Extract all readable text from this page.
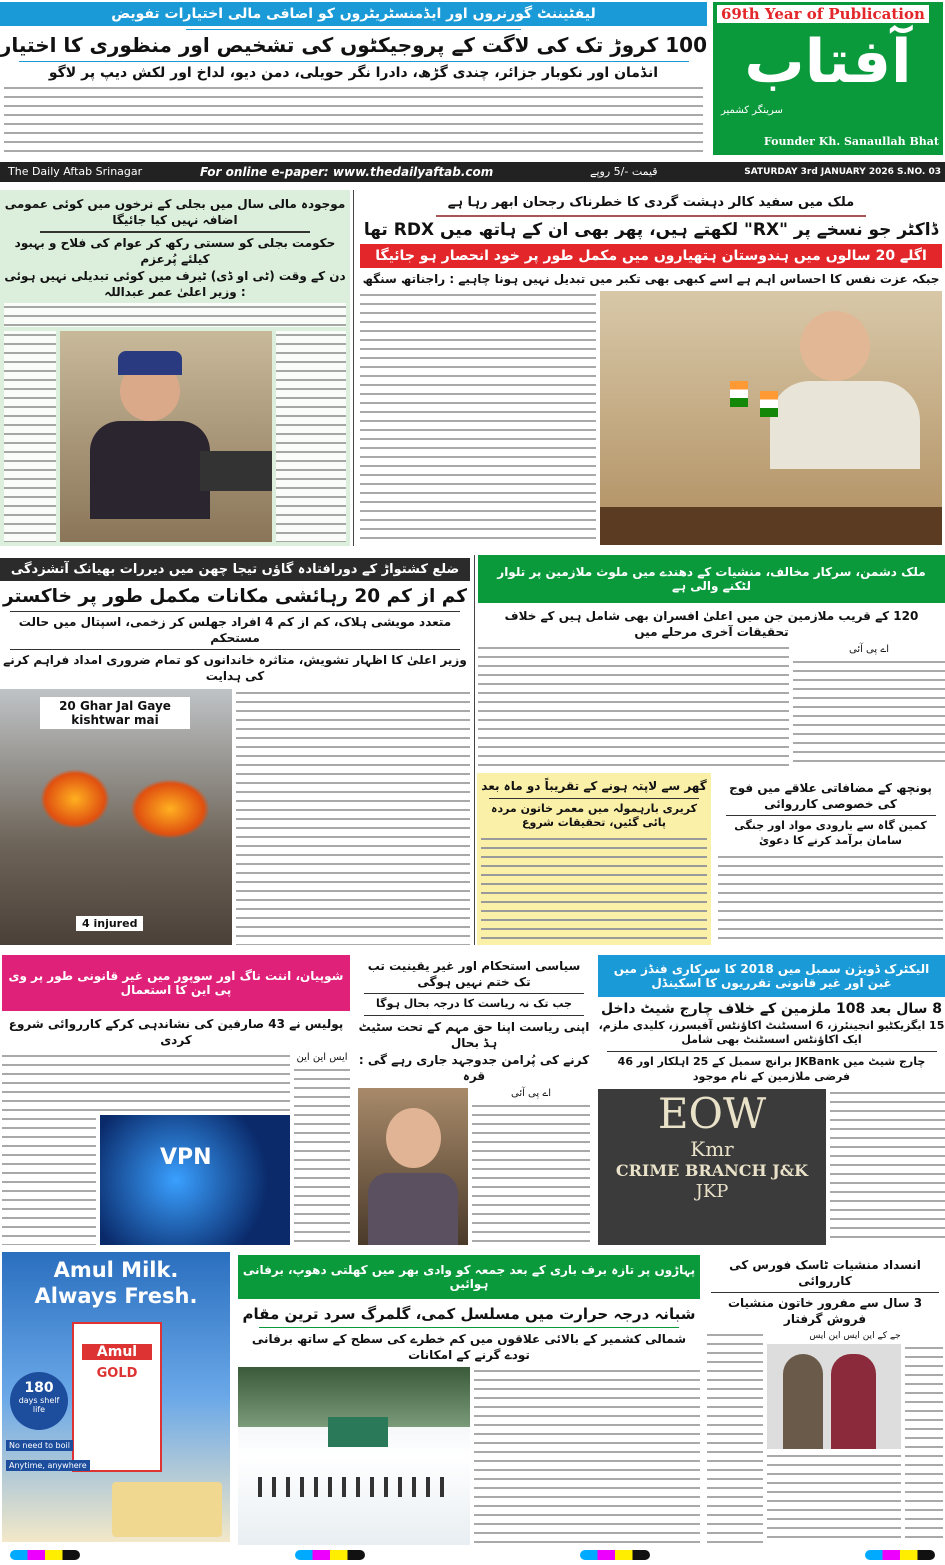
لیفٹیننٹ گورنروں اور ایڈمنسٹریٹروں کو اضافی مالی اختیارات تفویض
100 کروڑ تک کی لاگت کے پروجیکٹوں کی تشخیص اور منظوری کا اختیار
انڈمان اور نکوبار جزائر، چندی گڑھ، دادرا نگر حویلی، دمن دیو، لداخ اور لکش دیپ پر لاگو
69th Year of Publication
آفتاب
سرینگر کشمیر
Founder Kh. Sanaullah Bhat
The Daily Aftab Srinagar	For online e-paper: www.thedailyaftab.com	قیمت -/5 روپے	SATURDAY 3rd JANUARY 2026 S.NO. 03
موجودہ مالی سال میں بجلی کے نرخوں میں کوئی عمومی اضافہ نہیں کیا جائیگا
حکومت بجلی کو سستی رکھ کر عوام کی فلاح و بہبود کیلئے پُرعزم
دن کے وقت (ٹی او ڈی) ٹیرف میں کوئی تبدیلی نہیں ہوئی : وزیر اعلیٰ عمر عبداللہ
ملک میں سفید کالر دہشت گردی کا خطرناک رجحان ابھر رہا ہے
ڈاکٹر جو نسخے پر "RX" لکھتے ہیں، پھر بھی ان کے ہاتھ میں RDX تھا
اگلے 20 سالوں میں ہندوستان ہتھیاروں میں مکمل طور پر خود انحصار ہو جائیگا
جبکہ عزت نفس کا احساس اہم ہے اسے کبھی بھی تکبر میں تبدیل نہیں ہونا چاہیے : راجناتھ سنگھ
ضلع کشتواڑ کے دورافتادہ گاؤں تیجا چھن میں دیررات بھیانک آتشزدگی
کم از کم 20 رہائشی مکانات مکمل طور پر خاکستر
متعدد مویشی ہلاک، کم از کم 4 افراد جھلس کر زخمی، اسپتال میں حالت مستحکم
وزیر اعلیٰ کا اظہار تشویش، متاثرہ خاندانوں کو تمام ضروری امداد فراہم کرنے کی ہدایت
20 Ghar Jal Gaye kishtwar mai
4 injured
ملک دشمن، سرکار مخالف، منشیات کے دھندے میں ملوث ملازمین پر تلوار لٹکنے والی ہے
120 کے قریب ملازمین جن میں اعلیٰ افسران بھی شامل ہیں کے خلاف تحقیقات آخری مرحلے میں
اے پی آئی
گھر سے لاپتہ ہونے کے تقریباً دو ماہ بعد
کریری بارہمولہ میں معمر خاتون مردہ پائی گئیں، تحقیقات شروع
پونچھ کے مضافاتی علاقے میں فوج کی خصوصی کارروائی
کمین گاہ سے بارودی مواد اور جنگی سامان برآمد کرنے کا دعویٰ
شوپیان، اننت ناگ اور سوپور میں غیر قانونی طور پر وی پی این کا استعمال
پولیس نے 43 صارفین کی نشاندہی کرکے کارروائی شروع کردی
ایس این این
VPN
سیاسی استحکام اور غیر یقینیت تب تک ختم نہیں ہوگی
جب تک نہ ریاست کا درجہ بحال ہوگا
اپنی ریاست اپنا حق مہم کے تحت سٹیٹ ہڈ بحال
کرنے کی پُرامن جدوجہد جاری رہے گی : قرہ
اے پی آئی
الیکٹرک ڈویژن سمبل میں 2018 کا سرکاری فنڈز میں غبن اور غیر قانونی تقرریوں کا اسکینڈل
8 سال بعد 108 ملزمین کے خلاف چارج شیٹ داخل
15 ایگزیکٹیو انجینئرز، 6 اسسٹنٹ اکاؤنٹس آفیسرز، کلیدی ملزم، ایک اکاؤنٹس اسسٹنٹ بھی شامل
چارج شیٹ میں JKBank برانچ سمبل کے 25 اہلکار اور 46 فرضی ملازمین کے نام موجود
EOW
Kmr
CRIME BRANCH J&K
JKP
Amul Milk.
Always Fresh.
Amul
GOLD
180
days shelf life
No need to boil
Anytime, anywhere
پہاڑوں پر تازہ برف باری کے بعد جمعہ کو وادی بھر میں کھلتی دھوپ، برفانی ہوائیں
شبانہ درجہ حرارت میں مسلسل کمی، گلمرگ سرد ترین مقام
شمالی کشمیر کے بالائی علاقوں میں کم خطرے کی سطح کے ساتھ برفانی تودے گرنے کے امکانات
انسداد منشیات ٹاسک فورس کی کارروائی
3 سال سے مفرور خاتون منشیات فروش گرفتار
جے کے این ایس این ایس
